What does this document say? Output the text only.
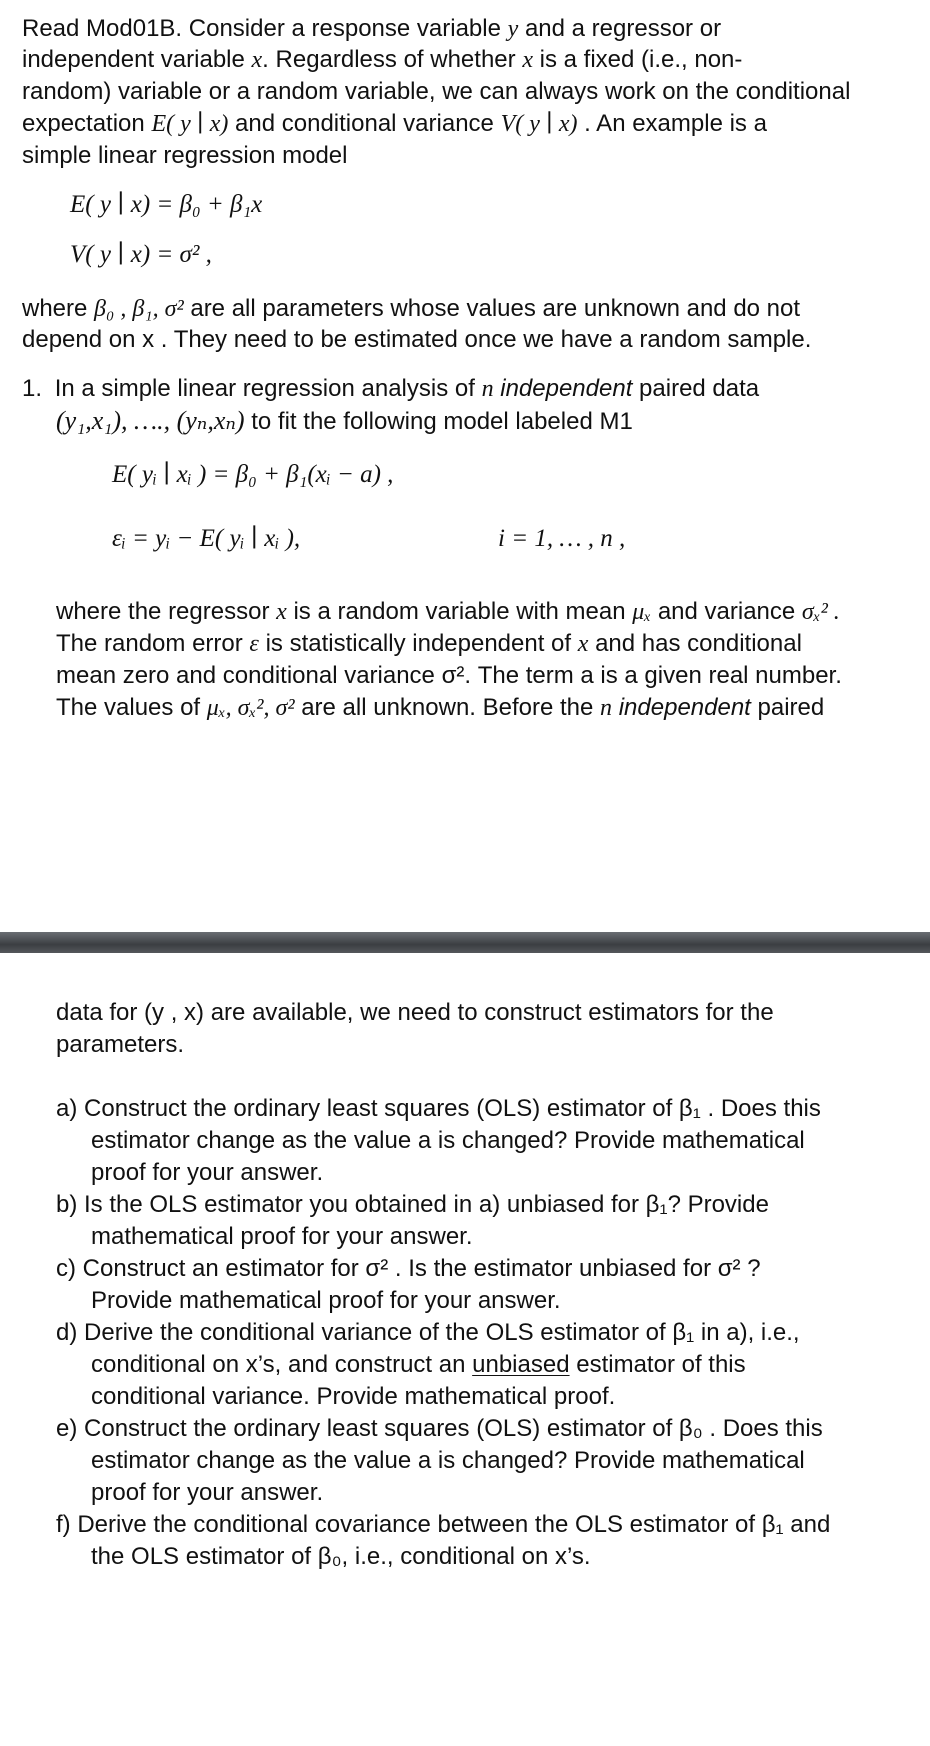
Read Mod01B. Consider a response variable y and a regressor or
independent variable x. Regardless of whether x is a fixed (i.e., non-
random) variable or a random variable, we can always work on the conditional
expectation E( y ∣ x) and conditional variance V( y ∣ x) . An example is a
simple linear regression model
E( y ∣ x) = β₀ + β₁x
V( y ∣ x) = σ² ,
where β₀ , β₁, σ² are all parameters whose values are unknown and do not
depend on x . They need to be estimated once we have a random sample.
1. In a simple linear regression analysis of n independent paired data
(y₁,x₁), …., (yₙ,xₙ) to fit the following model labeled M1
E( yᵢ ∣ xᵢ ) = β₀ + β₁(xᵢ − a) ,
εᵢ = yᵢ − E( yᵢ ∣ xᵢ ),	i = 1, … , n ,
where the regressor x is a random variable with mean μₓ and variance σₓ² .
The random error ε is statistically independent of x and has conditional
mean zero and conditional variance σ². The term a is a given real number.
The values of μₓ, σₓ², σ² are all unknown. Before the n independent paired
data for (y , x) are available, we need to construct estimators for the
parameters.
a) Construct the ordinary least squares (OLS) estimator of β₁ . Does this
estimator change as the value a is changed? Provide mathematical
proof for your answer.
b) Is the OLS estimator you obtained in a) unbiased for β₁? Provide
mathematical proof for your answer.
c) Construct an estimator for σ² . Is the estimator unbiased for σ² ?
Provide mathematical proof for your answer.
d) Derive the conditional variance of the OLS estimator of β₁ in a), i.e.,
conditional on x’s, and construct an unbiased estimator of this
conditional variance. Provide mathematical proof.
e) Construct the ordinary least squares (OLS) estimator of β₀ . Does this
estimator change as the value a is changed? Provide mathematical
proof for your answer.
f) Derive the conditional covariance between the OLS estimator of β₁ and
the OLS estimator of β₀, i.e., conditional on x’s.
